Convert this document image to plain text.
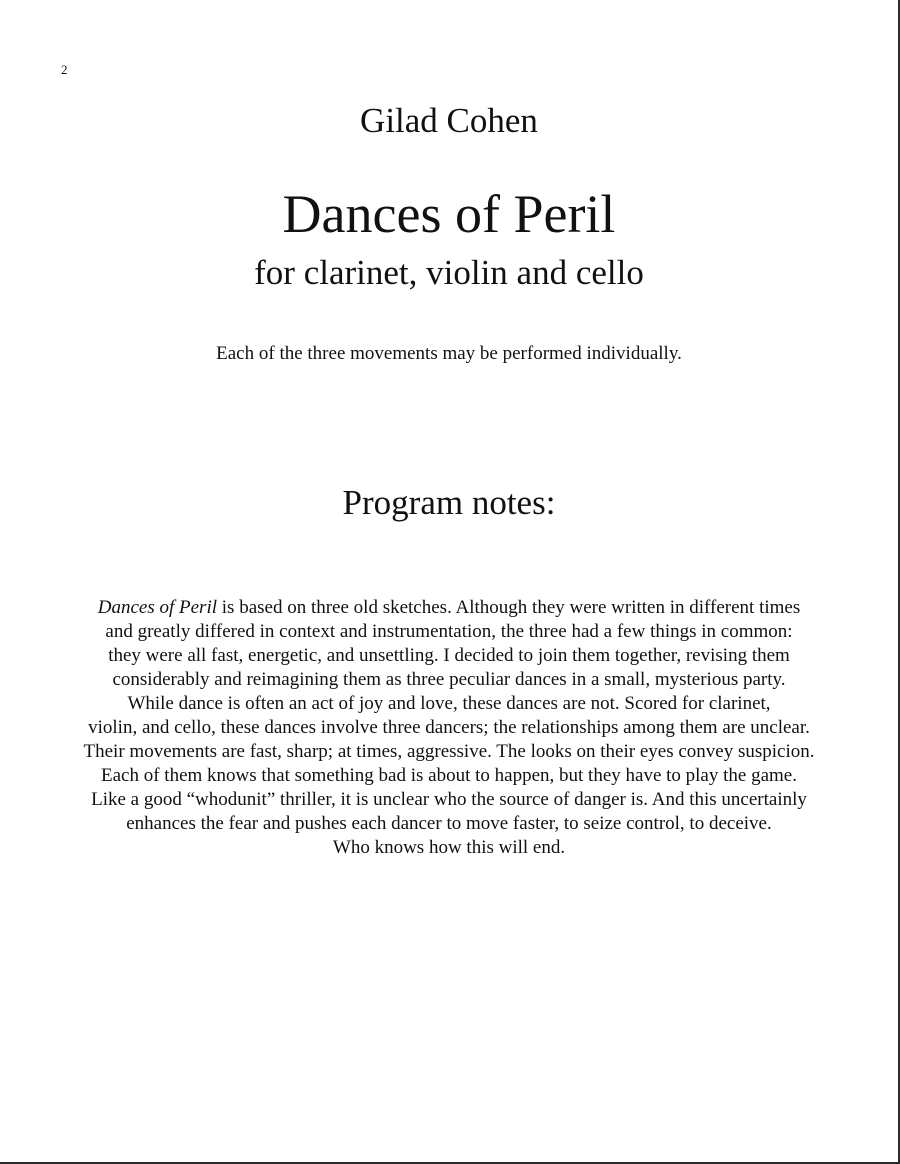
2
Gilad Cohen
Dances of Peril
for clarinet, violin and cello
Each of the three movements may be performed individually.
Program notes:
Dances of Peril is based on three old sketches. Although they were written in different times
and greatly differed in context and instrumentation, the three had a few things in common:
they were all fast, energetic, and unsettling. I decided to join them together, revising them
considerably and reimagining them as three peculiar dances in a small, mysterious party.
While dance is often an act of joy and love, these dances are not. Scored for clarinet,
violin, and cello, these dances involve three dancers; the relationships among them are unclear.
Their movements are fast, sharp; at times, aggressive. The looks on their eyes convey suspicion.
Each of them knows that something bad is about to happen, but they have to play the game.
Like a good “whodunit” thriller, it is unclear who the source of danger is. And this uncertainly
enhances the fear and pushes each dancer to move faster, to seize control, to deceive.
Who knows how this will end.
